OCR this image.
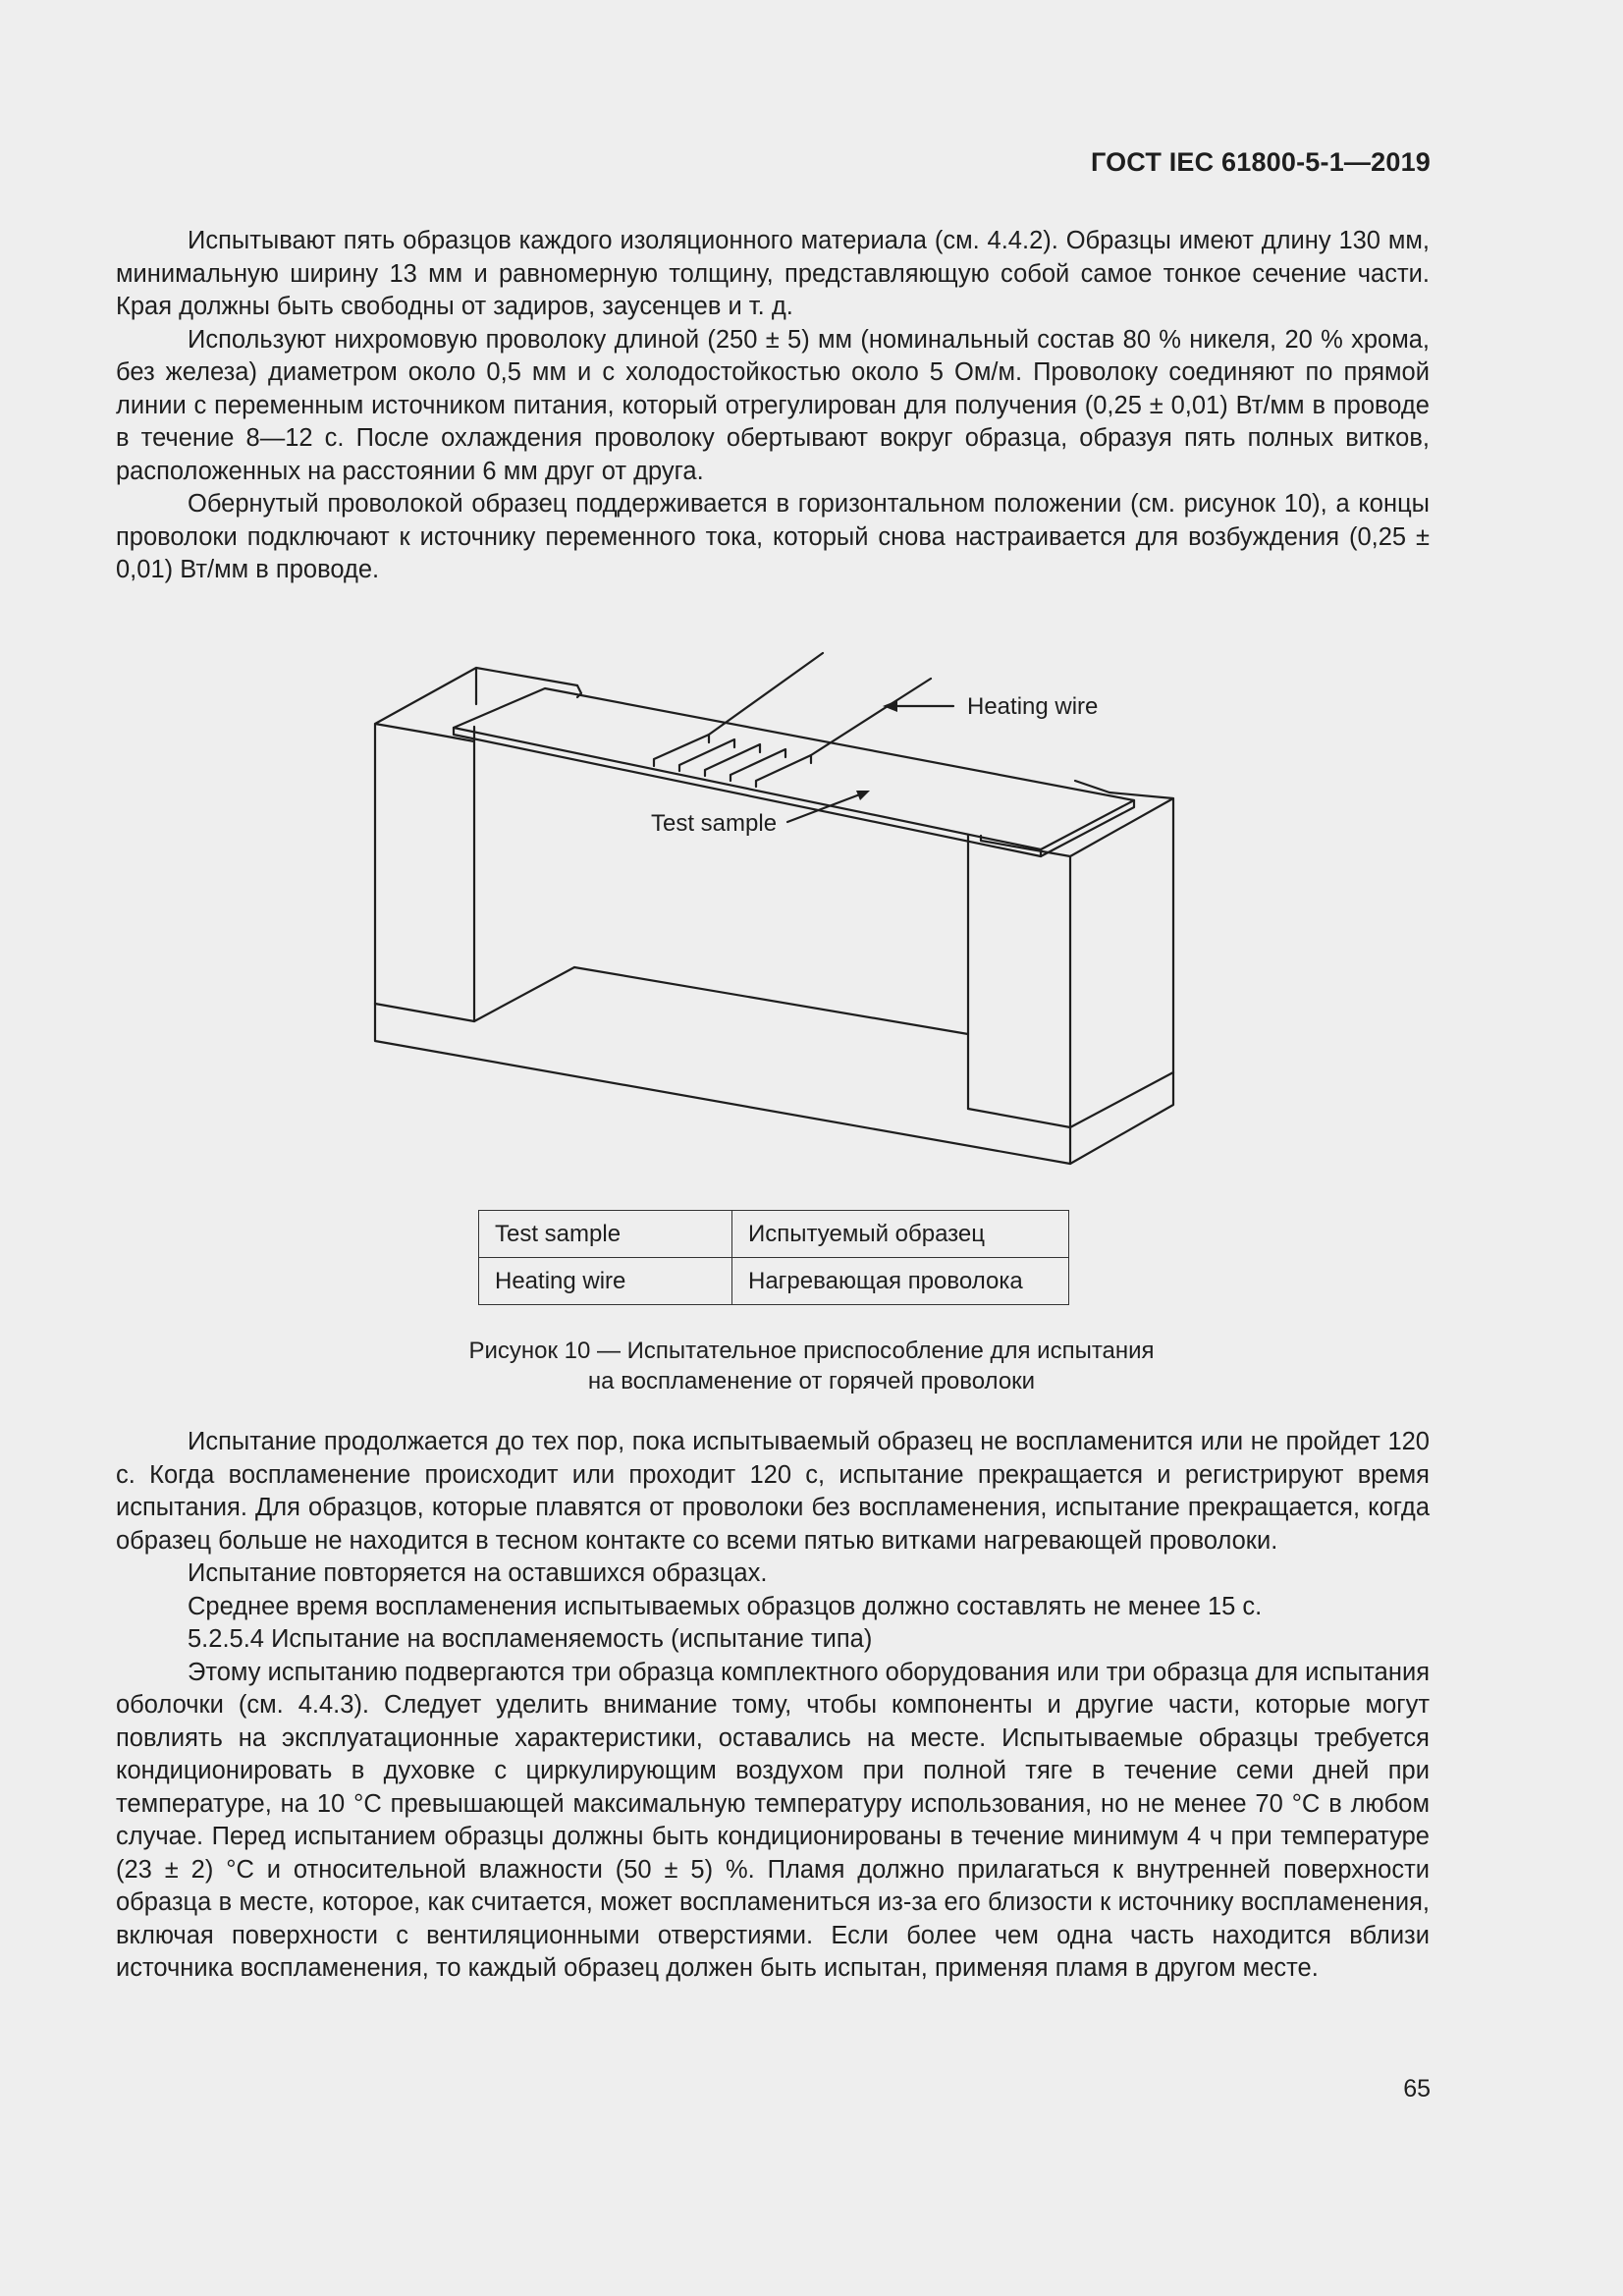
ГОСТ IEC 61800-5-1—2019

Испытывают пять образцов каждого изоляционного материала (см. 4.4.2). Образцы имеют длину 130 мм, минимальную ширину 13 мм и равномерную толщину, представляющую собой самое тонкое сечение части. Края должны быть свободны от задиров, заусенцев и т. д.

Используют нихромовую проволоку длиной (250 ± 5) мм (номинальный состав 80 % никеля, 20 % хрома, без железа) диаметром около 0,5 мм и с холодостойкостью около 5 Ом/м. Проволоку соединяют по прямой линии с переменным источником питания, который отрегулирован для получения (0,25 ± 0,01) Вт/мм в проводе в течение 8—12 с. После охлаждения проволоку обертывают вокруг образца, образуя пять полных витков, расположенных на расстоянии 6 мм друг от друга.

Обернутый проволокой образец поддерживается в горизонтальном положении (см. рисунок 10), а концы проволоки подключают к источнику переменного тока, который снова настраивается для возбуждения (0,25 ± 0,01) Вт/мм в проводе.

Heating wire
Test sample
Test sample	Испытуемый образец
Heating wire	Нагревающая проволока
Рисунок 10 — Испытательное приспособление для испытания
на воспламенение от горячей проволоки

Испытание продолжается до тех пор, пока испытываемый образец не воспламенится или не пройдет 120 с. Когда воспламенение происходит или проходит 120 с, испытание прекращается и регистрируют время испытания. Для образцов, которые плавятся от проволоки без воспламенения, испытание прекращается, когда образец больше не находится в тесном контакте со всеми пятью витками нагревающей проволоки.

Испытание повторяется на оставшихся образцах.

Среднее время воспламенения испытываемых образцов должно составлять не менее 15 с.

5.2.5.4 Испытание на воспламеняемость (испытание типа)

Этому испытанию подвергаются три образца комплектного оборудования или три образца для испытания оболочки (см. 4.4.3). Следует уделить внимание тому, чтобы компоненты и другие части, которые могут повлиять на эксплуатационные характеристики, оставались на месте. Испытываемые образцы требуется кондиционировать в духовке с циркулирующим воздухом при полной тяге в течение семи дней при температуре, на 10 °С превышающей максимальную температуру использования, но не менее 70 °С в любом случае. Перед испытанием образцы должны быть кондиционированы в течение минимум 4 ч при температуре (23 ± 2) °С и относительной влажности (50 ± 5) %. Пламя должно прилагаться к внутренней поверхности образца в месте, которое, как считается, может воспламениться из-за его близости к источнику воспламенения, включая поверхности с вентиляционными отверстиями. Если более чем одна часть находится вблизи источника воспламенения, то каждый образец должен быть испытан, применяя пламя в другом месте.

65
